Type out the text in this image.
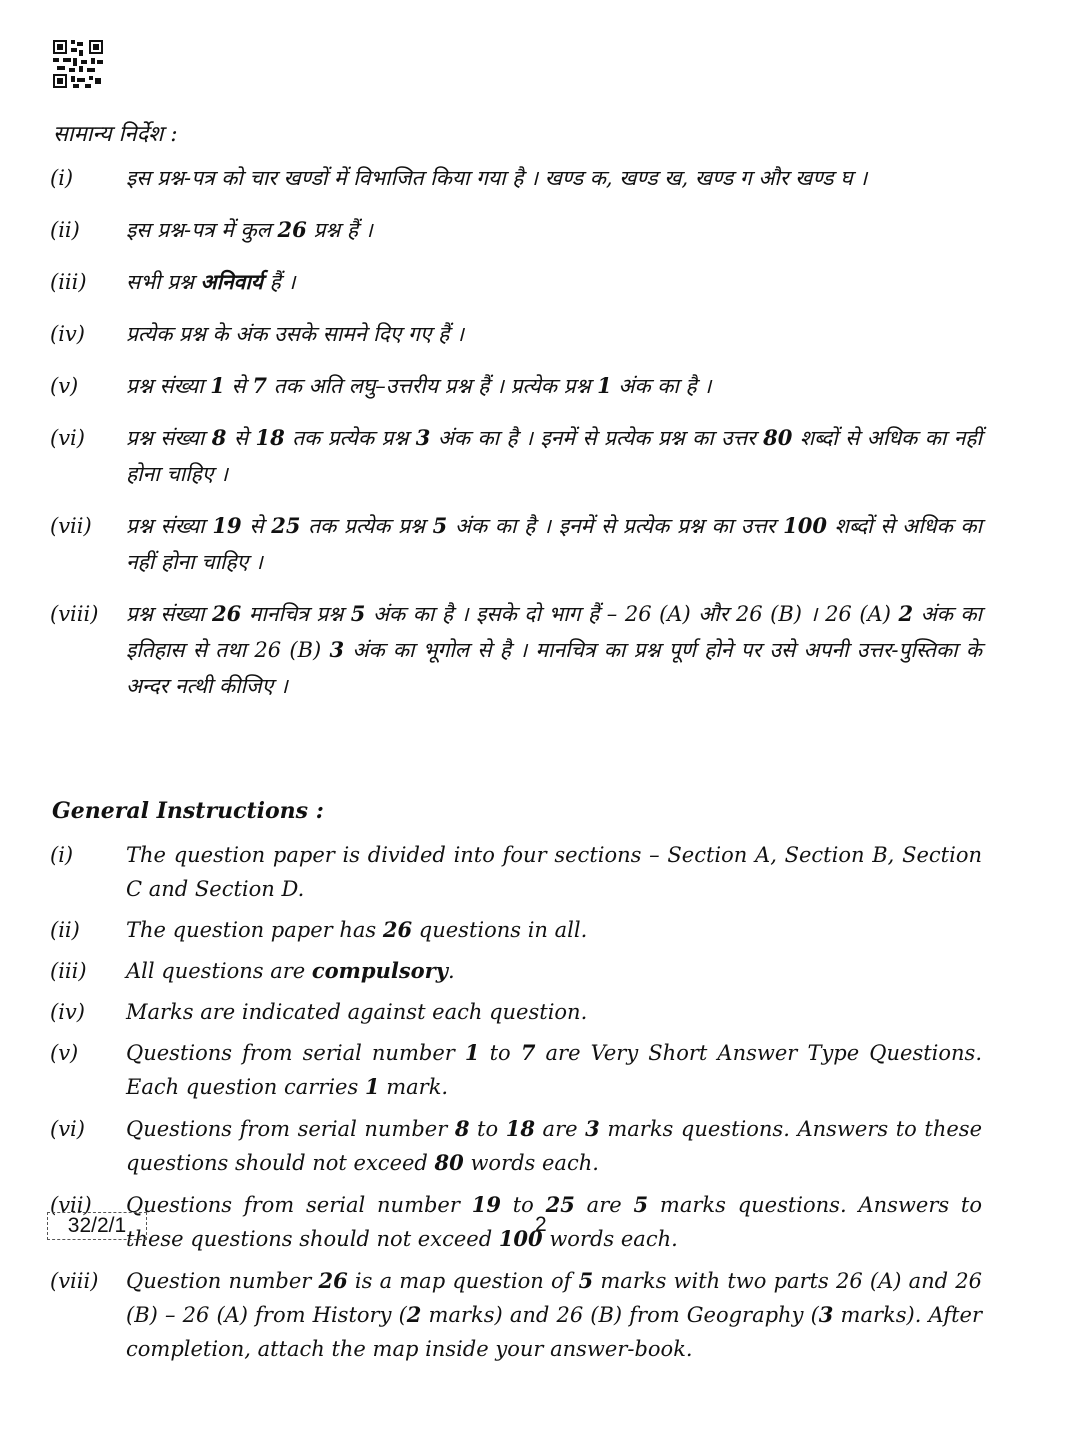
सामान्य निर्देश :
(i)	इस प्रश्न-पत्र को चार खण्डों में विभाजित किया गया है । खण्ड क, खण्ड ख, खण्ड ग और खण्ड घ ।
(ii)	इस प्रश्न-पत्र में कुल 26 प्रश्न हैं ।
(iii)	सभी प्रश्न अनिवार्य हैं ।
(iv)	प्रत्येक प्रश्न के अंक उसके सामने दिए गए हैं ।
(v)	प्रश्न संख्या 1 से 7 तक अति लघु–उत्तरीय प्रश्न हैं । प्रत्येक प्रश्न 1 अंक का है ।
(vi)	प्रश्न संख्या 8 से 18 तक प्रत्येक प्रश्न 3 अंक का है । इनमें से प्रत्येक प्रश्न का उत्तर 80 शब्दों से अधिक का नहीं होना चाहिए ।
(vii)	प्रश्न संख्या 19 से 25 तक प्रत्येक प्रश्न 5 अंक का है । इनमें से प्रत्येक प्रश्न का उत्तर 100 शब्दों से अधिक का नहीं होना चाहिए ।
(viii)	प्रश्न संख्या 26 मानचित्र प्रश्न 5 अंक का है । इसके दो भाग हैं – 26 (A) और 26 (B) । 26 (A) 2 अंक का इतिहास से तथा 26 (B) 3 अंक का भूगोल से है । मानचित्र का प्रश्न पूर्ण होने पर उसे अपनी उत्तर-पुस्तिका के अन्दर नत्थी कीजिए ।
General Instructions :
(i)	The question paper is divided into four sections – Section A, Section B, Section C and Section D.
(ii)	The question paper has 26 questions in all.
(iii)	All questions are compulsory.
(iv)	Marks are indicated against each question.
(v)	Questions from serial number 1 to 7 are Very Short Answer Type Questions. Each question carries 1 mark.
(vi)	Questions from serial number 8 to 18 are 3 marks questions. Answers to these questions should not exceed 80 words each.
(vii)	Questions from serial number 19 to 25 are 5 marks questions. Answers to these questions should not exceed 100 words each.
(viii)	Question number 26 is a map question of 5 marks with two parts 26 (A) and 26 (B) – 26 (A) from History (2 marks) and 26 (B) from Geography (3 marks). After completion, attach the map inside your answer-book.
32/2/1	2
